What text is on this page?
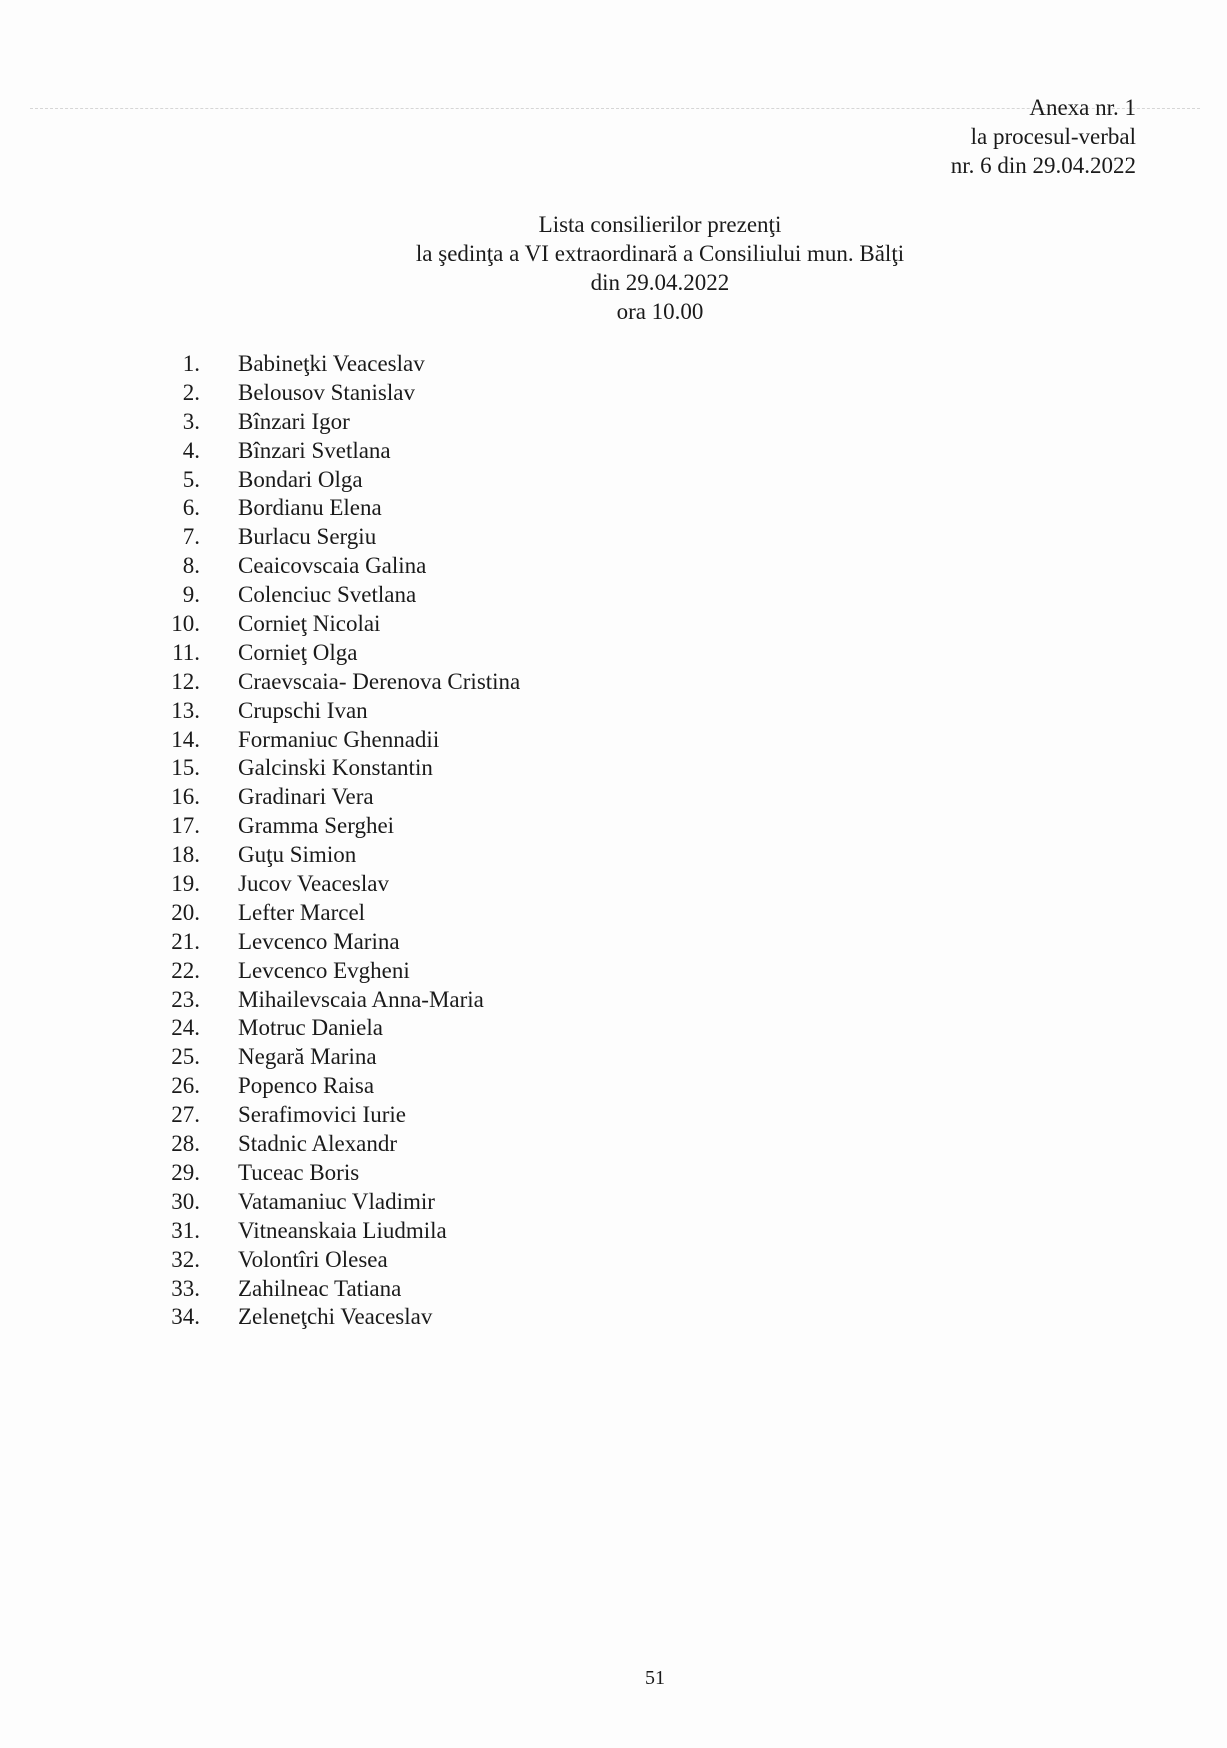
Anexa nr. 1
la procesul-verbal
nr. 6 din 29.04.2022
Lista consilierilor prezenţi
la şedinţa a VI extraordinară a Consiliului mun. Bălţi
din 29.04.2022
ora 10.00
1. Babineţki Veaceslav
2. Belousov Stanislav
3. Bînzari Igor
4. Bînzari Svetlana
5. Bondari Olga
6. Bordianu Elena
7. Burlacu Sergiu
8. Ceaicovscaia Galina
9. Colenciuc Svetlana
10. Cornieţ Nicolai
11. Cornieţ Olga
12. Craevscaia- Derenova Cristina
13. Crupschi Ivan
14. Formaniuc Ghennadii
15. Galcinski Konstantin
16. Gradinari Vera
17. Gramma Serghei
18. Guţu Simion
19. Jucov Veaceslav
20. Lefter Marcel
21. Levcenco Marina
22. Levcenco Evgheni
23. Mihailevscaia Anna-Maria
24. Motruc Daniela
25. Negară Marina
26. Popenco Raisa
27. Serafimovici Iurie
28. Stadnic Alexandr
29. Tuceac Boris
30. Vatamaniuc Vladimir
31. Vitneanskaia Liudmila
32. Volontîri Olesea
33. Zahilneac Tatiana
34. Zeleneţchi Veaceslav
51
